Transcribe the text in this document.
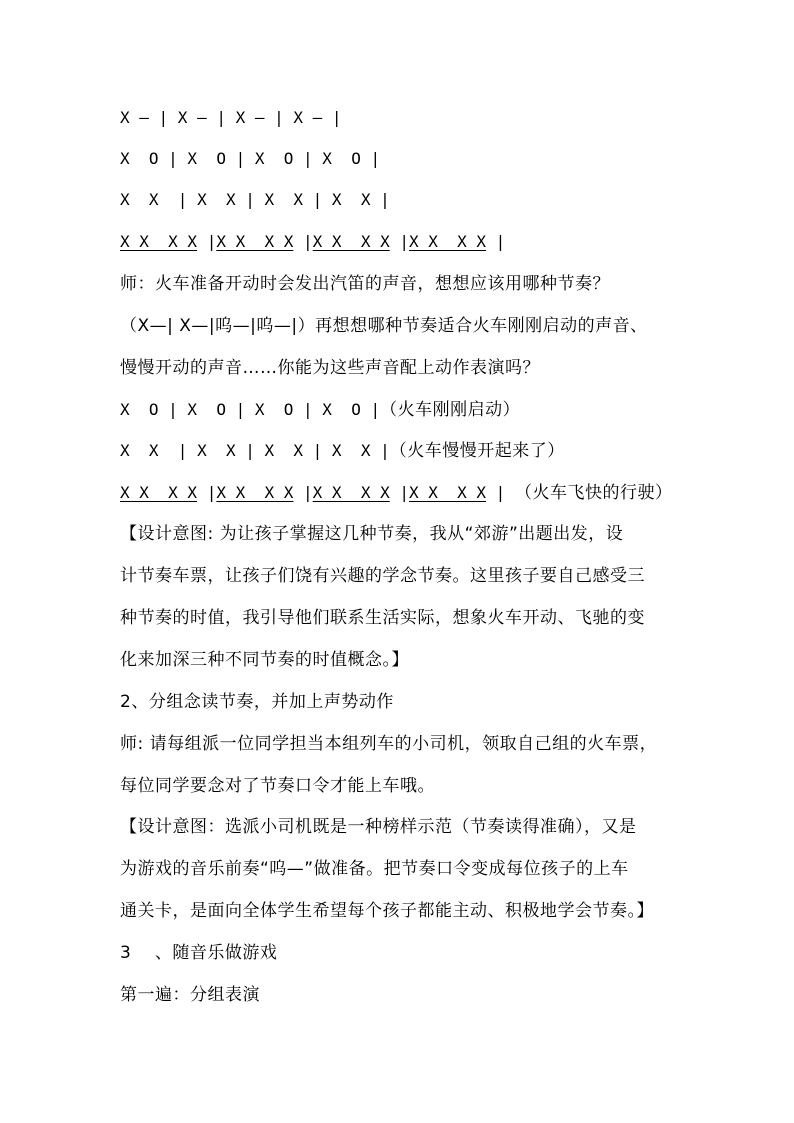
X — | X — | X — | X — |
X  O | X  O | X  O | X  O |
X  X  | X  X | X  X | X  X |
X X  X X |X X  X X |X X  X X |X X  X X |
师：火车准备开动时会发出汽笛的声音，想想应该用哪种节奏？
（X—| X—|呜—|呜—|）再想想哪种节奏适合火车刚刚启动的声音、
慢慢开动的声音……你能为这些声音配上动作表演吗？
X  O | X  O | X  O | X  O |（火车刚刚启动）
X  X  | X  X | X  X | X  X |（火车慢慢开起来了）
X X  X X |X X  X X |X X  X X |X X  X X | （火车飞快的行驶）
【设计意图: 为让孩子掌握这几种节奏，我从“郊游”出题出发，设
计节奏车票，让孩子们饶有兴趣的学念节奏。这里孩子要自己感受三
种节奏的时值，我引导他们联系生活实际，想象火车开动、飞驰的变
化来加深三种不同节奏的时值概念。】
2、分组念读节奏，并加上声势动作
师: 请每组派一位同学担当本组列车的小司机，领取自己组的火车票，
每位同学要念对了节奏口令才能上车哦。
【设计意图：选派小司机既是一种榜样示范（节奏读得准确），又是
为游戏的音乐前奏“呜—”做准备。把节奏口令变成每位孩子的上车
通关卡，是面向全体学生希望每个孩子都能主动、积极地学会节奏。】
3    、随音乐做游戏
第一遍：分组表演
